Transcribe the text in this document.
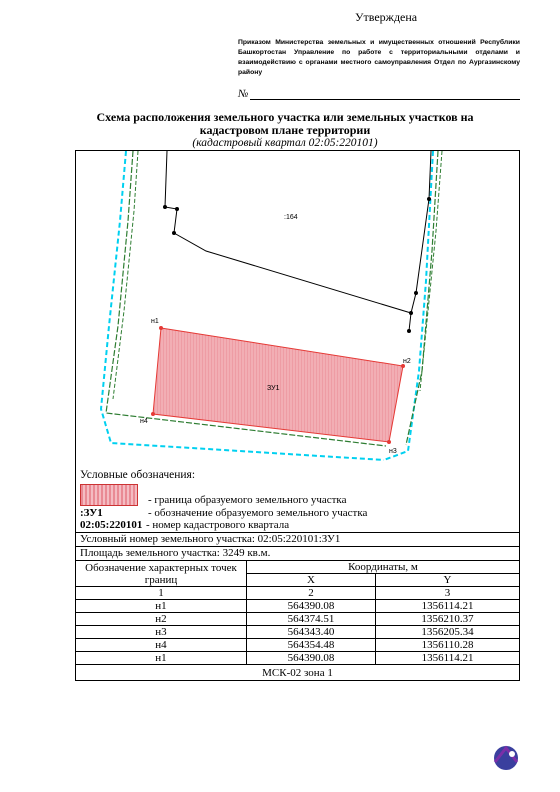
Утверждена
Приказом Министерства земельных и имущественных отношений Республики Башкортостан Управление по работе с территориальными отделами и взаимодействию с органами местного самоуправления Отдел по Аургазинскому району
№
Схема расположения земельного участка или земельных участков на кадастровом плане территории
(кадастровый квартал 02:05:220101)
:164
ЗУ1
н1
н2
н3
н4
Условные обозначения:
- граница образуемого земельного участка
:ЗУ1	- обозначение образуемого земельного участка
02:05:220101 - номер кадастрового квартала
Условный номер земельного участка: 02:05:220101:ЗУ1
Площадь земельного участка: 3249 кв.м.
Обозначение характерных точек границ	Координаты, м	
	X	Y
1	2	3
н1	564390.08	1356114.21
н2	564374.51	1356210.37
н3	564343.40	1356205.34
н4	564354.48	1356110.28
н1	564390.08	1356114.21
МСК-02 зона 1
